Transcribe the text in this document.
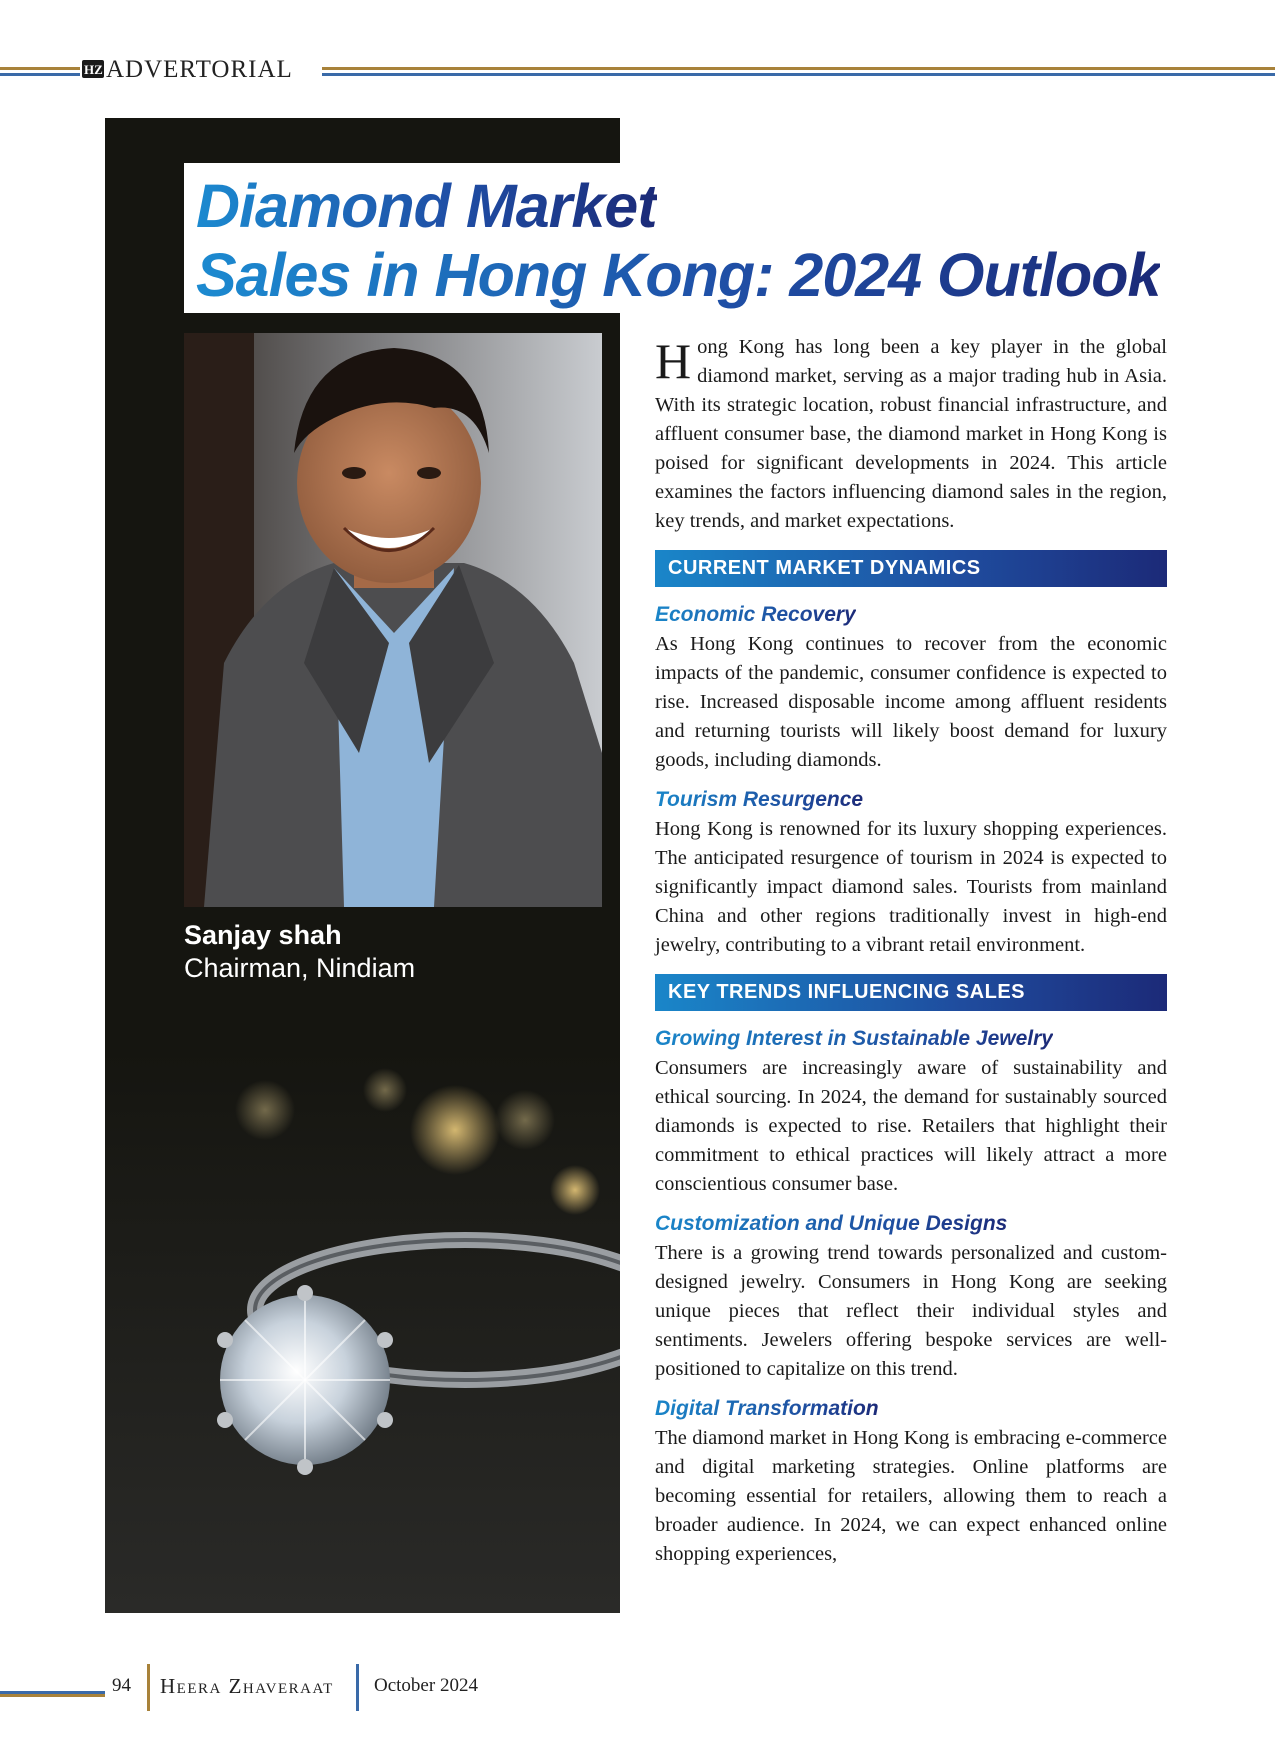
HZ ADVERTORIAL
Diamond Market
Sales in Hong Kong: 2024 Outlook
Sanjay shah
Chairman, Nindiam

Hong Kong has long been a key player in the global diamond market, serving as a major trading hub in Asia. With its strategic location, robust financial infrastructure, and affluent consumer base, the diamond market in Hong Kong is poised for significant developments in 2024. This article examines the factors influencing diamond sales in the region, key trends, and market expectations.

CURRENT MARKET DYNAMICS
Economic Recovery

As Hong Kong continues to recover from the economic impacts of the pandemic, consumer confidence is expected to rise. Increased disposable income among affluent residents and returning tourists will likely boost demand for luxury goods, including diamonds.

Tourism Resurgence

Hong Kong is renowned for its luxury shopping experiences. The anticipated resurgence of tourism in 2024 is expected to significantly impact diamond sales. Tourists from mainland China and other regions traditionally invest in high-end jewelry, contributing to a vibrant retail environment.

KEY TRENDS INFLUENCING SALES
Growing Interest in Sustainable Jewelry

Consumers are increasingly aware of sustainability and ethical sourcing. In 2024, the demand for sustainably sourced diamonds is expected to rise. Retailers that highlight their commitment to ethical practices will likely attract a more conscientious consumer base.

Customization and Unique Designs

There is a growing trend towards personalized and custom-designed jewelry. Consumers in Hong Kong are seeking unique pieces that reflect their individual styles and sentiments. Jewelers offering bespoke services are well-positioned to capitalize on this trend.

Digital Transformation

The diamond market in Hong Kong is embracing e-commerce and digital marketing strategies. Online platforms are becoming essential for retailers, allowing them to reach a broader audience. In 2024, we can expect enhanced online shopping experiences,

94 Heera Zhaveraat October 2024
